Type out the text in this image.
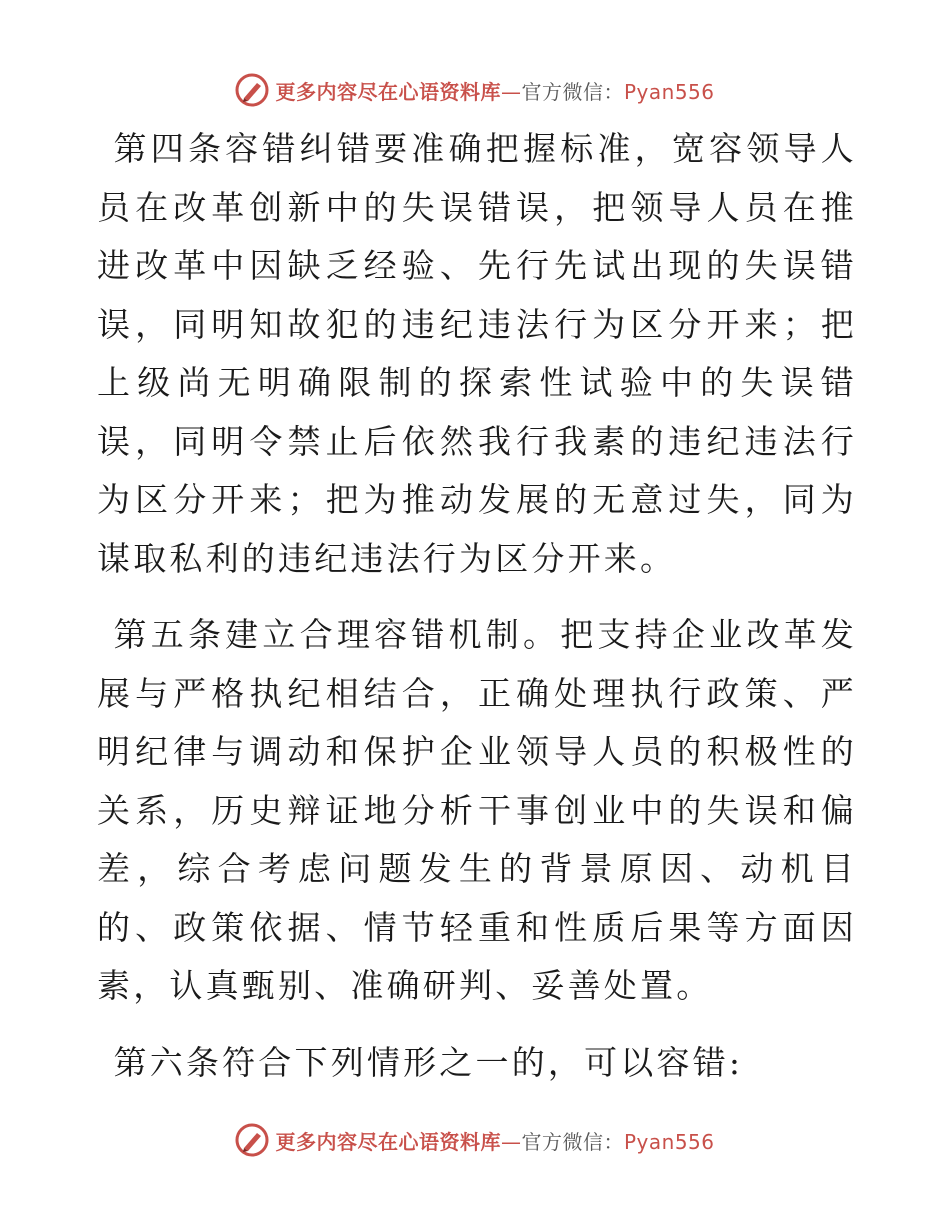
更多内容尽在心语资料库—官方微信：Pyan556

第四条容错纠错要准确把握标准，宽容领导人员在改革创新中的失误错误，把领导人员在推进改革中因缺乏经验、先行先试出现的失误错误，同明知故犯的违纪违法行为区分开来；把上级尚无明确限制的探索性试验中的失误错误，同明令禁止后依然我行我素的违纪违法行为区分开来；把为推动发展的无意过失，同为谋取私利的违纪违法行为区分开来。

第五条建立合理容错机制。把支持企业改革发展与严格执纪相结合，正确处理执行政策、严明纪律与调动和保护企业领导人员的积极性的关系，历史辩证地分析干事创业中的失误和偏差，综合考虑问题发生的背景原因、动机目的、政策依据、情节轻重和性质后果等方面因素，认真甄别、准确研判、妥善处置。

第六条符合下列情形之一的，可以容错:

更多内容尽在心语资料库—官方微信：Pyan556
